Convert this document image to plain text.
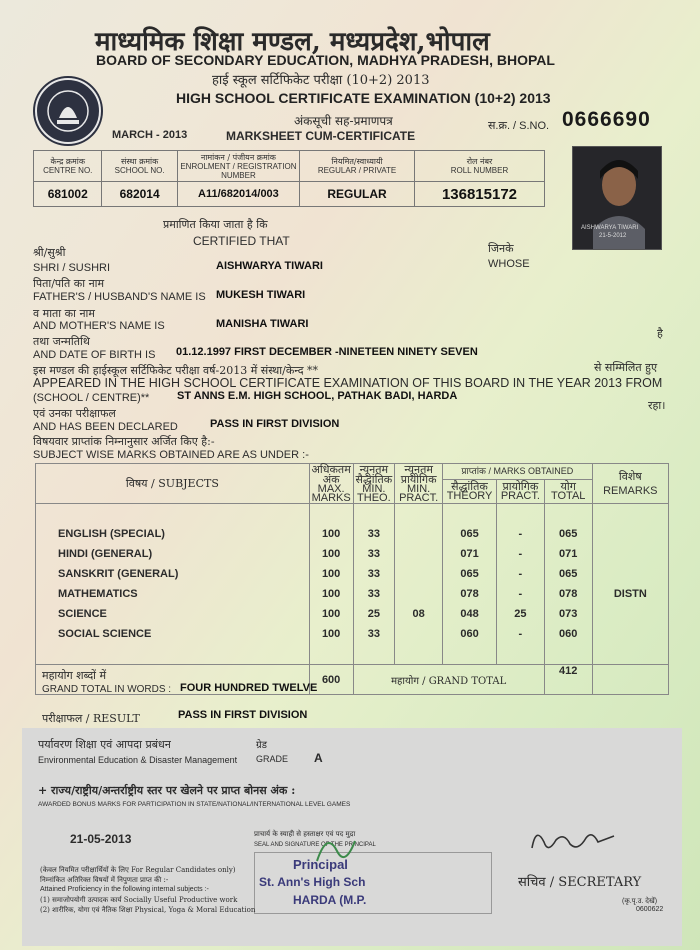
माध्यमिक शिक्षा मण्डल, मध्यप्रदेश,भोपाल
BOARD OF SECONDARY EDUCATION, MADHYA PRADESH, BHOPAL
हाई स्कूल सर्टिफिकेट परीक्षा (10+2) 2013
HIGH SCHOOL CERTIFICATE EXAMINATION (10+2) 2013
अंकसूची सह-प्रमाणपत्र
MARCH - 2013	MARKSHEET CUM-CERTIFICATE
स.क्र. / S.NO. 0666690
केन्द्र क्रमांक
CENTRE NO.	संस्था क्रमांक
SCHOOL NO.	नामांकन / पंजीयन क्रमांक
ENROLMENT / REGISTRATION NUMBER	नियमित/स्वाध्यायी
REGULAR / PRIVATE	रोल नंबर
ROLL NUMBER
681002	682014	A11/682014/003	REGULAR	136815172
AISHWARYA TIWARI
21-5-2012
प्रमाणित किया जाता है कि
CERTIFIED THAT
श्री/सुश्री
SHRI / SUSHRI	AISHWARYA TIWARI
जिनके
WHOSE
पिता/पति का नाम
FATHER'S / HUSBAND'S NAME IS MUKESH TIWARI
व माता का नाम
AND MOTHER'S NAME IS	MANISHA TIWARI
है
तथा जन्मतिथि
AND DATE OF BIRTH IS 01.12.1997 FIRST DECEMBER -NINETEEN NINETY SEVEN
इस मण्डल की हाईस्कूल सर्टिफिकेट परीक्षा वर्ष-2013 में संस्था/केन्द **	से सम्मिलित हुए
APPEARED IN THE HIGH SCHOOL CERTIFICATE EXAMINATION OF THIS BOARD IN THE YEAR 2013 FROM
(SCHOOL / CENTRE)**	ST ANNS E.M. HIGH SCHOOL, PATHAK BADI, HARDA
रहा।
एवं उनका परीक्षाफल
AND HAS BEEN DECLARED	PASS IN FIRST DIVISION
विषयवार प्राप्तांक निम्नानुसार अर्जित किए है:-
SUBJECT WISE MARKS OBTAINED ARE AS UNDER :-
विषय / SUBJECTS	अधिकतम
अंक
MAX.
MARKS	न्यूनतम
सैद्धांतिक
MIN.
THEO.	न्यूनतम
प्रायोगिक
MIN.
PRACT.	प्राप्तांक / MARKS OBTAINED			विशेष
REMARKS
				सैद्धांतिक
THEORY	प्रायोगिक
PRACT.	योग
TOTAL	

ENGLISH (SPECIAL)	100	33		065	-	065	
HINDI (GENERAL)	100	33		071	-	071	
SANSKRIT (GENERAL)	100	33		065	-	065	
MATHEMATICS	100	33		078	-	078	DISTN
SCIENCE	100	25	08	048	25	073	
SOCIAL SCIENCE	100	33		060	-	060	

	600	महायोग / GRAND TOTAL				412	
महायोग शब्दों में
GRAND TOTAL IN WORDS : FOUR HUNDRED TWELVE
परीक्षाफल / RESULT	PASS IN FIRST DIVISION
पर्यावरण शिक्षा एवं आपदा प्रबंधन
Environmental Education & Disaster Management
ग्रेड
GRADE A
+ राज्य/राष्ट्रीय/अन्तर्राष्ट्रीय स्तर पर खेलने पर प्राप्त बोनस अंक :
AWARDED BONUS MARKS FOR PARTICIPATION IN STATE/NATIONAL/INTERNATIONAL LEVEL GAMES
21-05-2013	प्राचार्य के स्याही से हस्ताक्षर एवं पद मुद्रा
SEAL AND SIGNATURE OF THE PRINCIPAL
Principal
St. Ann's High Sch
HARDA (M.P.
सचिव / SECRETARY
(कृ.पृ.उ. देखें)
0600622
(केवल नियमित परीक्षार्थियों के लिए For Regular Candidates only)
निम्नांकित अतिरिक्त विषयों में निपुणता प्राप्त की :-
Attained Proficiency in the following internal subjects :-
(1) समाजोपयोगी उत्पादक कार्य Socially Useful Productive work
(2) शारीरिक, योगा एवं नैतिक शिक्षा Physical, Yoga & Moral Education
